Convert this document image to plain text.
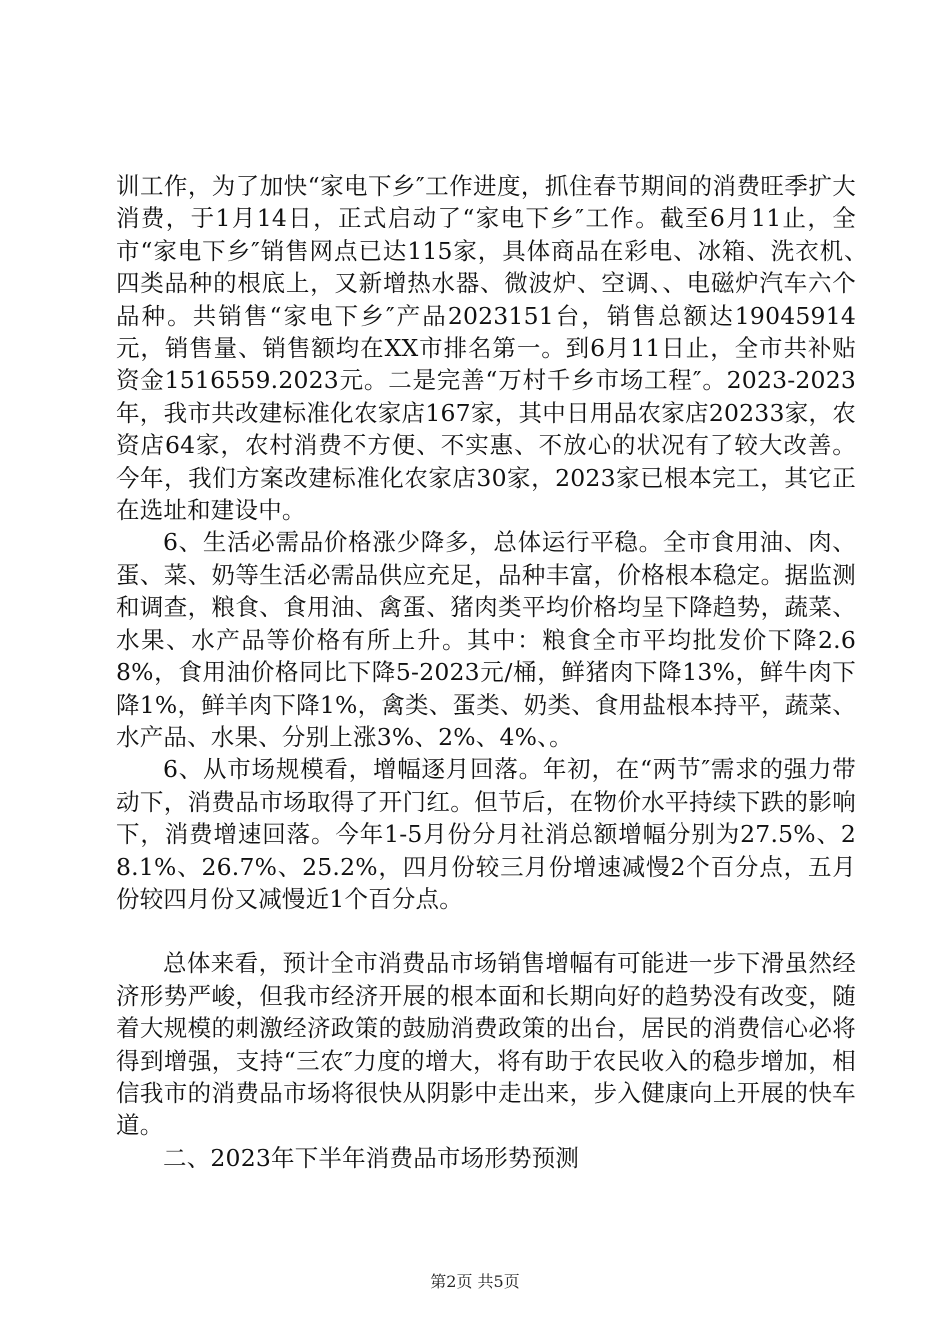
训工作，为了加快“家电下乡″工作进度，抓住春节期间的消费旺季扩大消费，于1月14日，正式启动了“家电下乡″工作。截至6月11止，全市“家电下乡″销售网点已达115家，具体商品在彩电、冰箱、洗衣机、　四类品种的根底上，又新增热水器、微波炉、空调、、电磁炉汽车六个品种。共销售“家电下乡″产品2023151台，销售总额达19045914元，销售量、销售额均在XX市排名第一。到6月11日止，全市共补贴资金1516559.2023元。二是完善“万村千乡市场工程″。2023-2023年，我市共改建标准化农家店167家，其中日用品农家店20233家，农资店64家，农村消费不方便、不实惠、不放心的状况有了较大改善。今年，我们方案改建标准化农家店30家，2023家已根本完工，其它正在选址和建设中。

6、生活必需品价格涨少降多，总体运行平稳。全市食用油、肉、蛋、菜、奶等生活必需品供应充足，品种丰富，价格根本稳定。据监测和调查，粮食、食用油、禽蛋、猪肉类平均价格均呈下降趋势，蔬菜、水果、水产品等价格有所上升。其中：粮食全市平均批发价下降2.68%，食用油价格同比下降5-2023元/桶，鲜猪肉下降13%，鲜牛肉下降1%，鲜羊肉下降1%，禽类、蛋类、奶类、食用盐根本持平，蔬菜、水产品、水果、分别上涨3%、2%、4%、。

6、从市场规模看，增幅逐月回落。年初，在“两节″需求的强力带动下，消费品市场取得了开门红。但节后，在物价水平持续下跌的影响下，消费增速回落。今年1-5月份分月社消总额增幅分别为27.5%、28.1%、26.7%、25.2%，四月份较三月份增速减慢2个百分点，五月份较四月份又减慢近1个百分点。

总体来看，预计全市消费品市场销售增幅有可能进一步下滑虽然经济形势严峻，但我市经济开展的根本面和长期向好的趋势没有改变，随着大规模的刺激经济政策的鼓励消费政策的出台，居民的消费信心必将得到增强，支持“三农″力度的增大，将有助于农民收入的稳步增加，相信我市的消费品市场将很快从阴影中走出来，步入健康向上开展的快车道。

二、2023年下半年消费品市场形势预测

第2页 共5页
